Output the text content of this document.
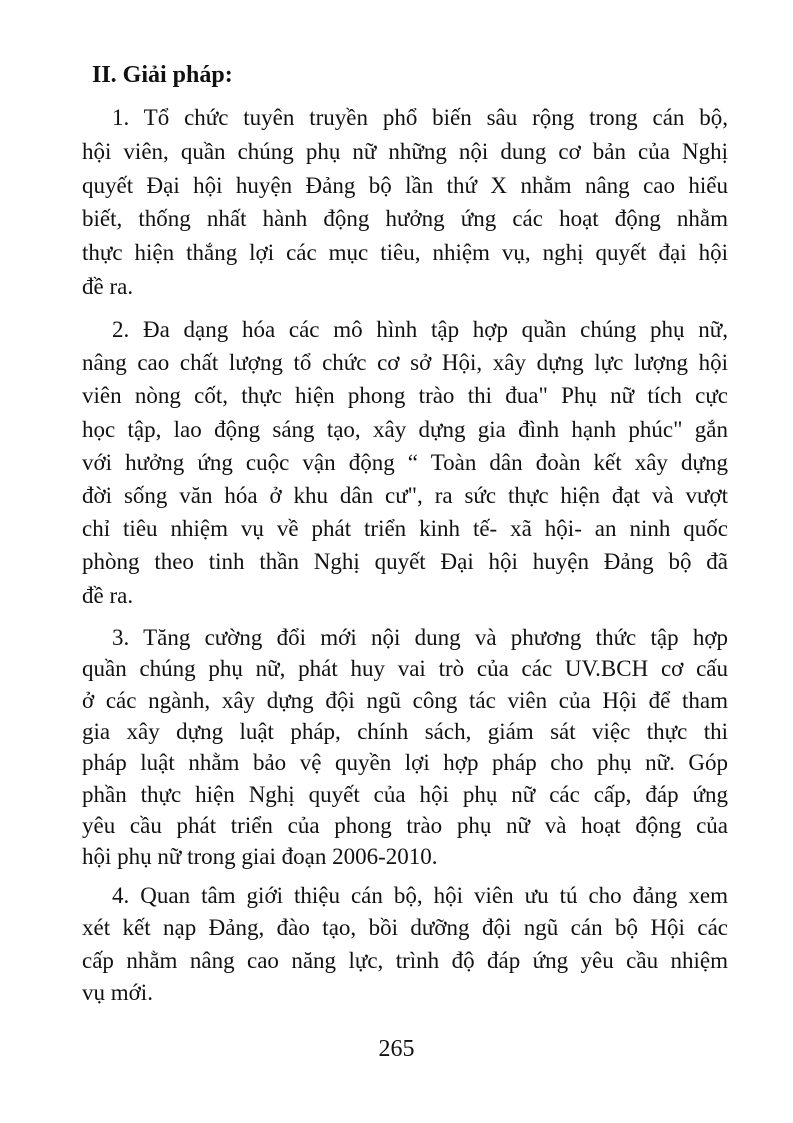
II. Giải pháp:
1. Tổ chức tuyên truyền phổ biến sâu rộng trong cán bộ,
hội viên, quần chúng phụ nữ những nội dung cơ bản của Nghị
quyết Đại hội huyện Đảng bộ lần thứ X nhằm nâng cao hiểu
biết, thống nhất hành động hưởng ứng các hoạt động nhằm
thực hiện thắng lợi các mục tiêu, nhiệm vụ, nghị quyết đại hội
đề ra.
2. Đa dạng hóa các mô hình tập hợp quần chúng phụ nữ,
nâng cao chất lượng tổ chức cơ sở Hội, xây dựng lực lượng hội
viên nòng cốt, thực hiện phong trào thi đua" Phụ nữ tích cực
học tập, lao động sáng tạo, xây dựng gia đình hạnh phúc" gắn
với hưởng ứng cuộc vận động “ Toàn dân đoàn kết xây dựng
đời sống văn hóa ở khu dân cư", ra sức thực hiện đạt và vượt
chỉ tiêu nhiệm vụ về phát triển kinh tế- xã hội- an ninh quốc
phòng theo tinh thần Nghị quyết Đại hội huyện Đảng bộ đã
đề ra.
3. Tăng cường đổi mới nội dung và phương thức tập hợp
quần chúng phụ nữ, phát huy vai trò của các UV.BCH cơ cấu
ở các ngành, xây dựng đội ngũ công tác viên của Hội để tham
gia xây dựng luật pháp, chính sách, giám sát việc thực thi
pháp luật nhằm bảo vệ quyền lợi hợp pháp cho phụ nữ. Góp
phần thực hiện Nghị quyết của hội phụ nữ các cấp, đáp ứng
yêu cầu phát triển của phong trào phụ nữ và hoạt động của
hội phụ nữ trong giai đoạn 2006-2010.
4. Quan tâm giới thiệu cán bộ, hội viên ưu tú cho đảng xem
xét kết nạp Đảng, đào tạo, bồi dưỡng đội ngũ cán bộ Hội các
cấp nhằm nâng cao năng lực, trình độ đáp ứng yêu cầu nhiệm
vụ mới.
265
